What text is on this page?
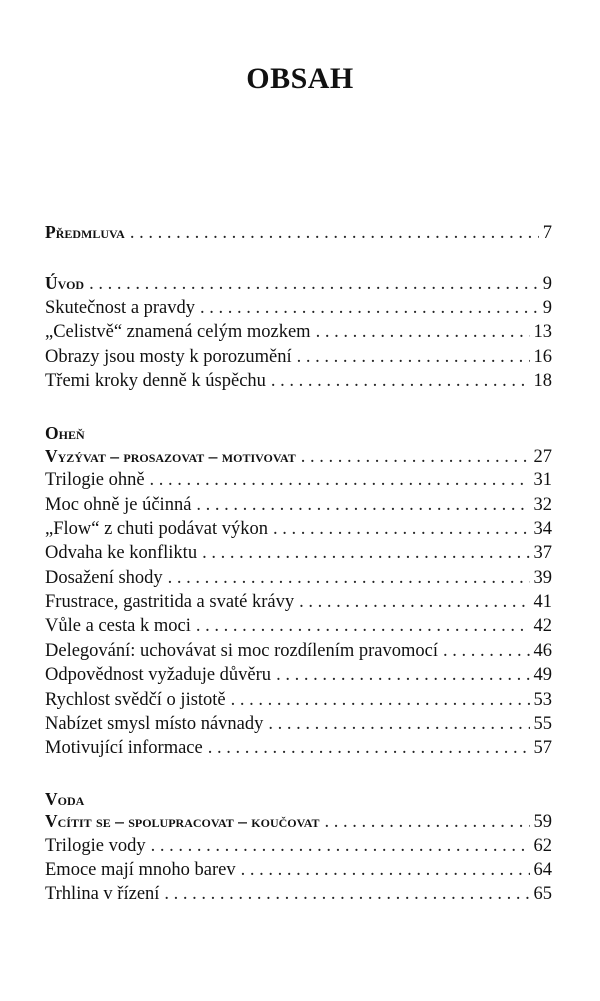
OBSAH
Předmluva . . .	7
Úvod . . .	9
Skutečnost a pravdy . . .	9
„Celistvě“ znamená celým mozkem . . .	13
Obrazy jsou mosty k porozumění . . .	16
Třemi kroky denně k úspěchu . . .	18
Oheň
Vyzývat – prosazovat – motivovat . . .	27
Trilogie ohně . . .	31
Moc ohně je účinná . . .	32
„Flow“ z chuti podávat výkon . . .	34
Odvaha ke konfliktu . . .	37
Dosažení shody . . .	39
Frustrace, gastritida a svaté krávy . . .	41
Vůle a cesta k moci . . .	42
Delegování: uchovávat si moc rozdílením pravomocí . . .	46
Odpovědnost vyžaduje důvěru . . .	49
Rychlost svědčí o jistotě . . .	53
Nabízet smysl místo návnady . . .	55
Motivující informace . . .	57
Voda
Vcítit se – spolupracovat – koučovat . . .	59
Trilogie vody . . .	62
Emoce mají mnoho barev . . .	64
Trhlina v řízení . . .	65
